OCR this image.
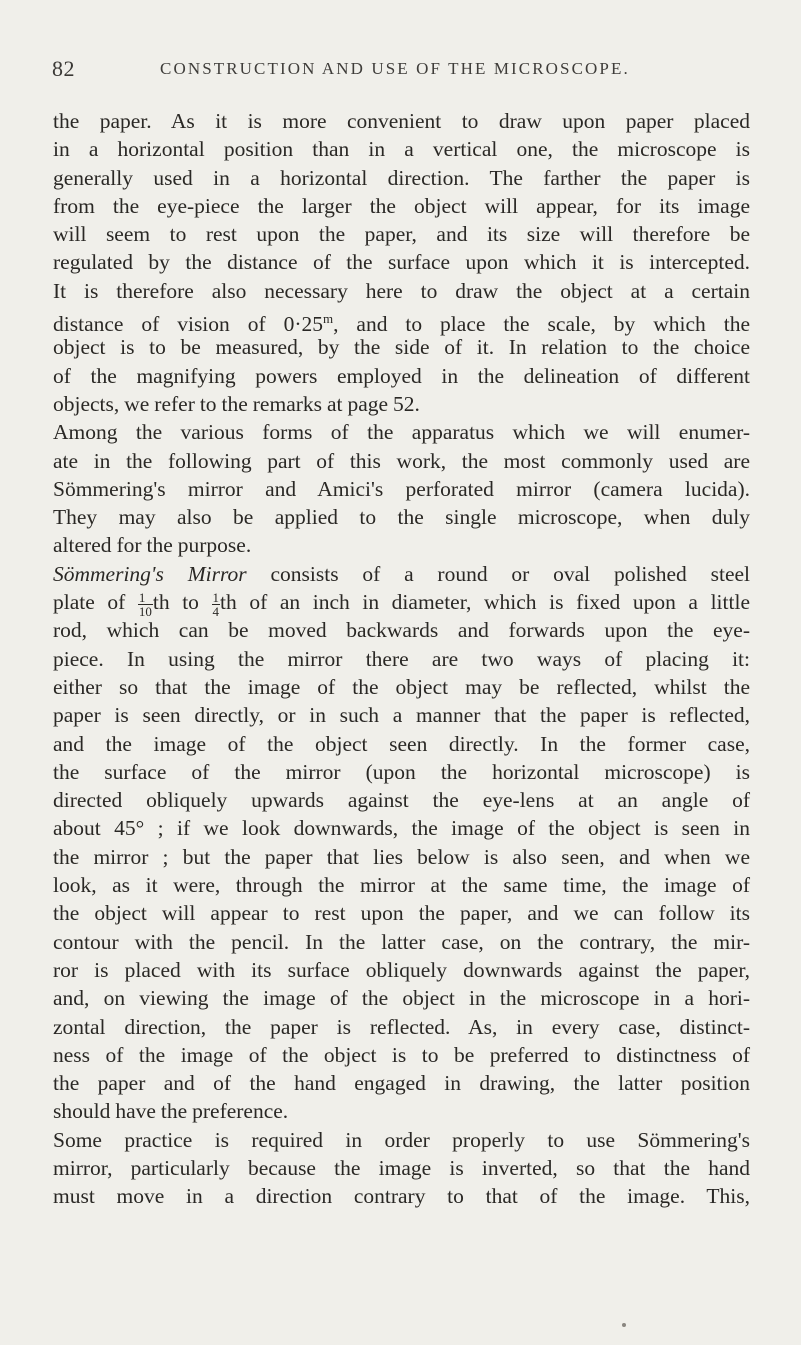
82	CONSTRUCTION AND USE OF THE MICROSCOPE.
the paper. As it is more convenient to draw upon paper placed
in a horizontal position than in a vertical one, the microscope is
generally used in a horizontal direction. The farther the paper is
from the eye-piece the larger the object will appear, for its image
will seem to rest upon the paper, and its size will therefore be
regulated by the distance of the surface upon which it is intercepted.
It is therefore also necessary here to draw the object at a certain
distance of vision of $0\cdot 25^m$, and to place the scale, by which the
object is to be measured, by the side of it. In relation to the choice
of the magnifying powers employed in the delineation of different
objects, we refer to the remarks at page 52.
Among the various forms of the apparatus which we will enumer-
ate in the following part of this work, the most commonly used are
Sömmering's mirror and Amici's perforated mirror (camera lucida).
They may also be applied to the single microscope, when duly
altered for the purpose.
Sömmering's Mirror consists of a round or oval polished steel
plate of $\frac{1}{10}$ th to $\frac{1}{4}$ th of an inch in diameter, which is fixed upon a little
rod, which can be moved backwards and forwards upon the eye-
piece. In using the mirror there are two ways of placing it:
either so that the image of the object may be reflected, whilst the
paper is seen directly, or in such a manner that the paper is reflected,
and the image of the object seen directly. In the former case,
the surface of the mirror (upon the horizontal microscope) is
directed obliquely upwards against the eye-lens at an angle of
about 45° ; if we look downwards, the image of the object is seen in
the mirror ; but the paper that lies below is also seen, and when we
look, as it were, through the mirror at the same time, the image of
the object will appear to rest upon the paper, and we can follow its
contour with the pencil. In the latter case, on the contrary, the mir-
ror is placed with its surface obliquely downwards against the paper,
and, on viewing the image of the object in the microscope in a hori-
zontal direction, the paper is reflected. As, in every case, distinct-
ness of the image of the object is to be preferred to distinctness of
the paper and of the hand engaged in drawing, the latter position
should have the preference.
Some practice is required in order properly to use Sömmering's
mirror, particularly because the image is inverted, so that the hand
must move in a direction contrary to that of the image. This,
